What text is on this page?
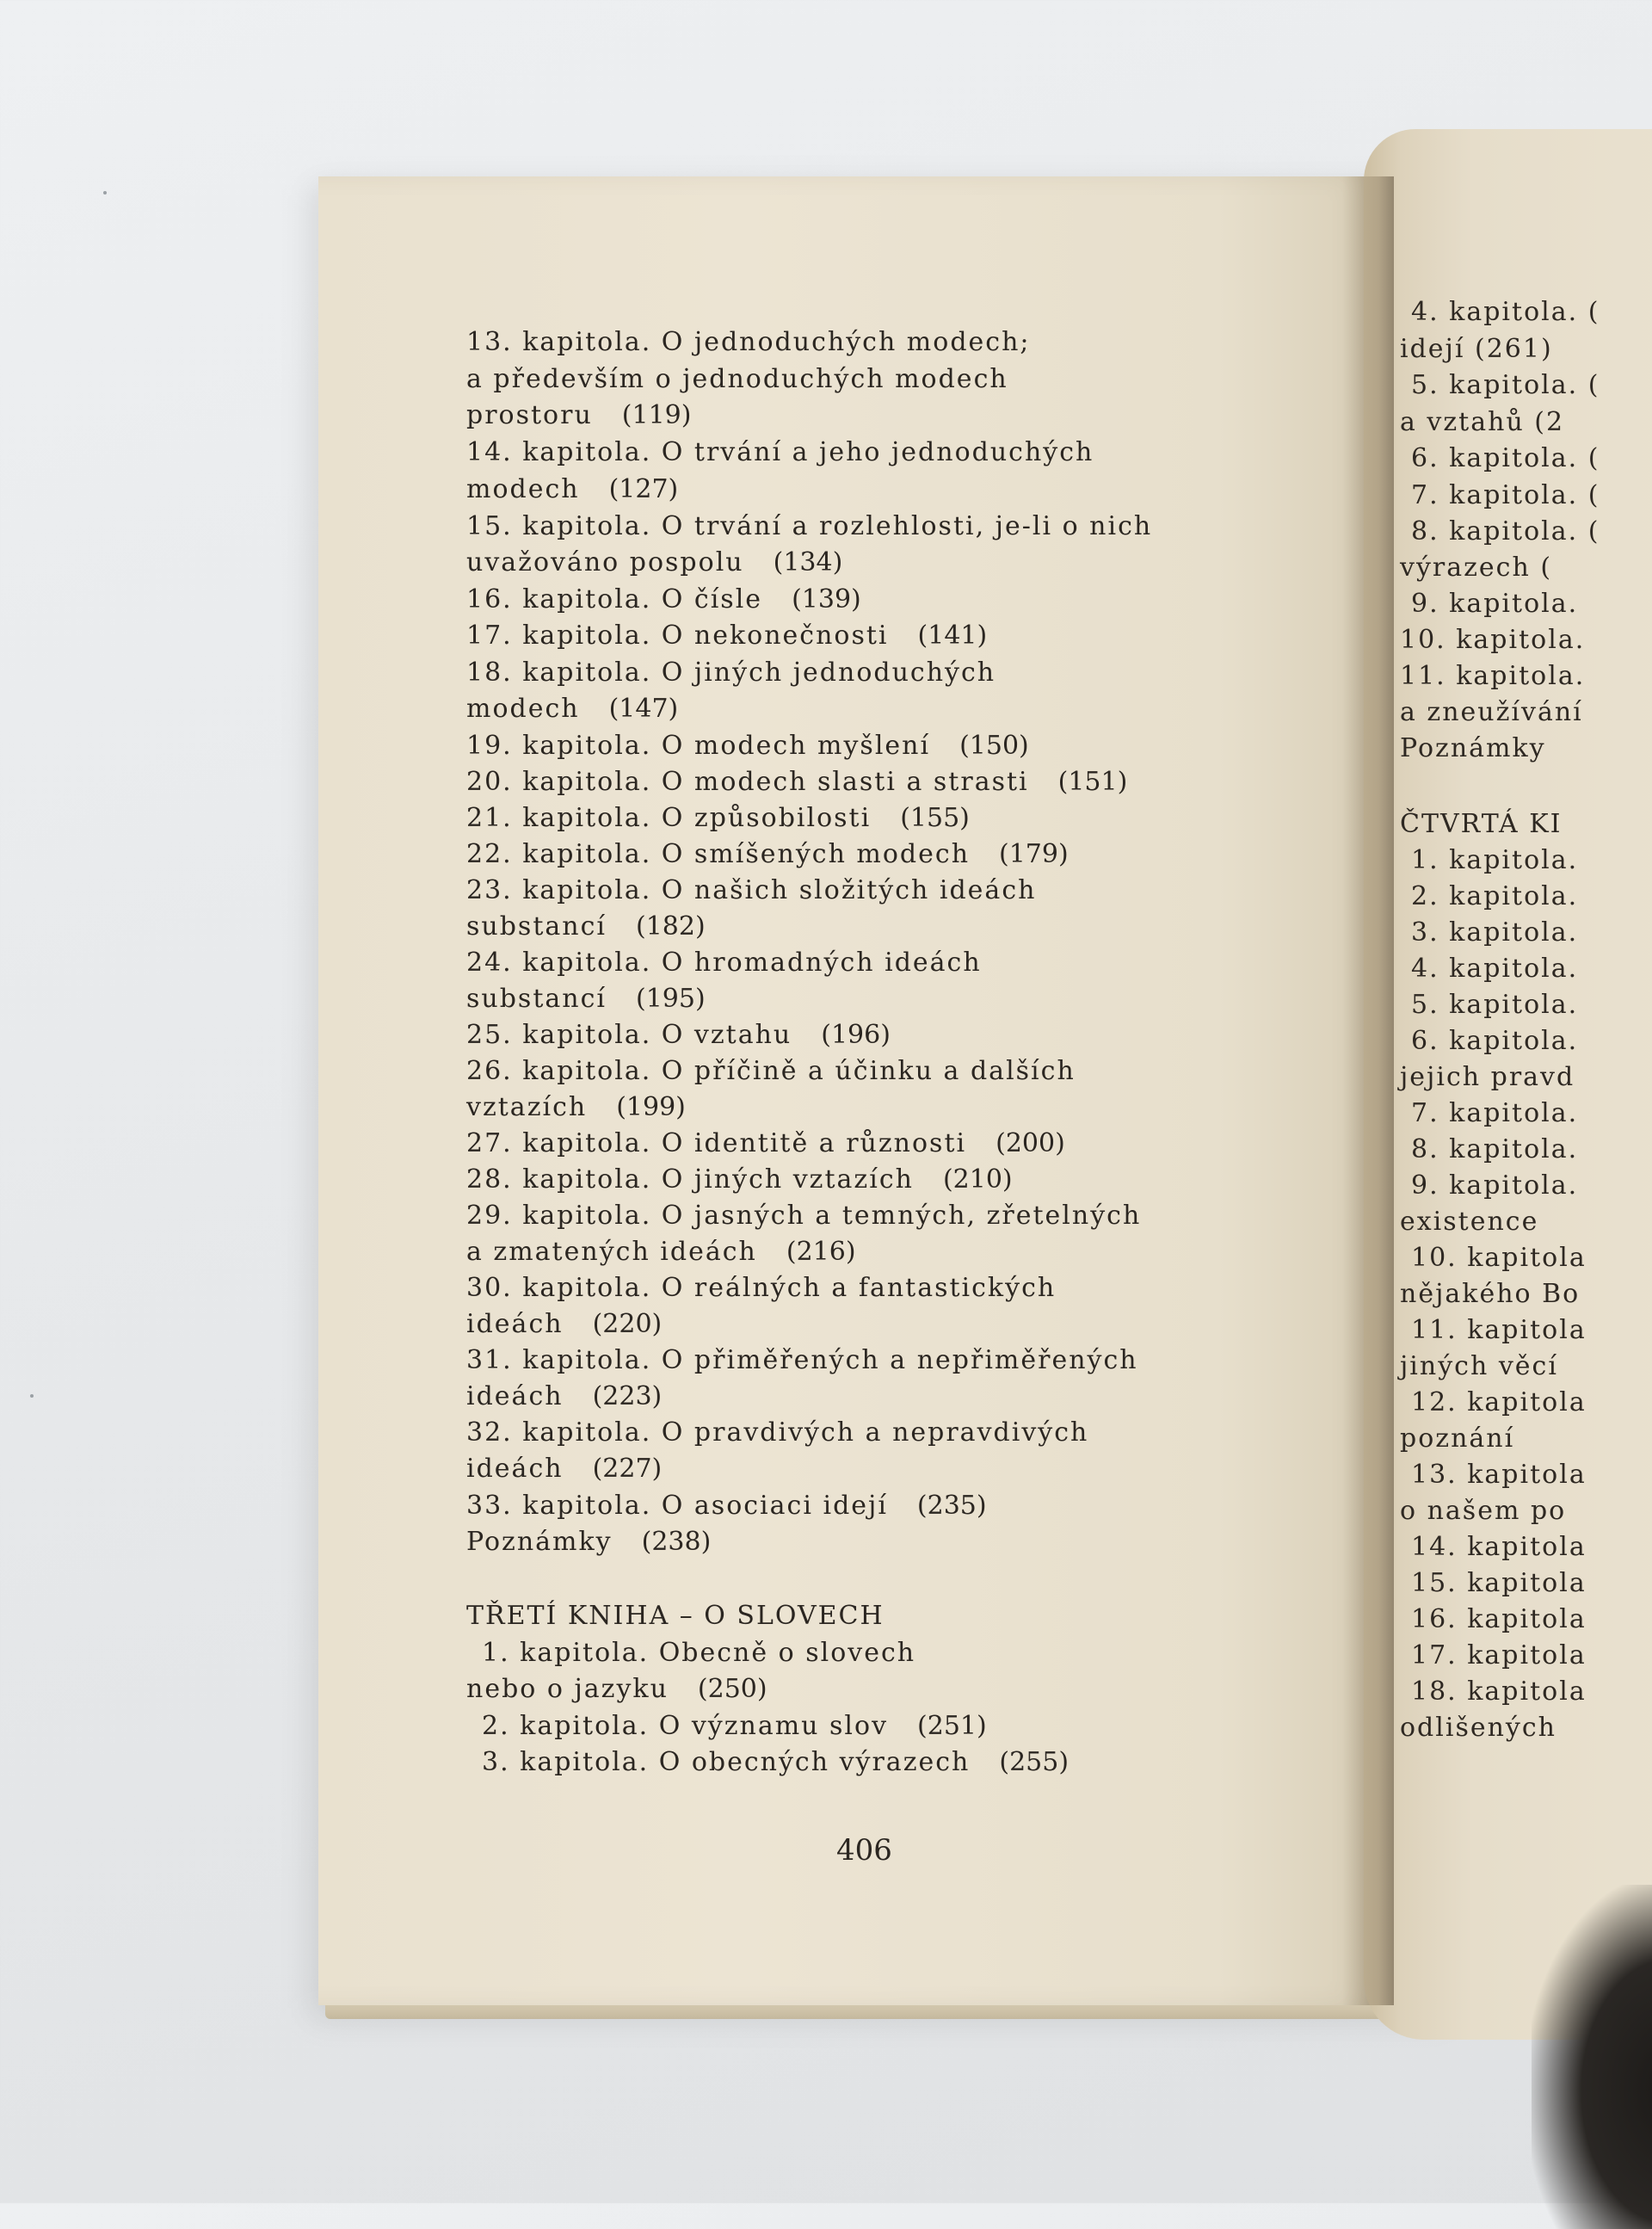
13. kapitola. O jednoduchých modech;
a především o jednoduchých modech
prostoru (119)
14. kapitola. O trvání a jeho jednoduchých
modech (127)
15. kapitola. O trvání a rozlehlosti, je-li o nich
uvažováno pospolu (134)
16. kapitola. O čísle (139)
17. kapitola. O nekonečnosti (141)
18. kapitola. O jiných jednoduchých
modech (147)
19. kapitola. O modech myšlení (150)
20. kapitola. O modech slasti a strasti (151)
21. kapitola. O způsobilosti (155)
22. kapitola. O smíšených modech (179)
23. kapitola. O našich složitých ideách
substancí (182)
24. kapitola. O hromadných ideách
substancí (195)
25. kapitola. O vztahu (196)
26. kapitola. O příčině a účinku a dalších
vztazích (199)
27. kapitola. O identitě a různosti (200)
28. kapitola. O jiných vztazích (210)
29. kapitola. O jasných a temných, zřetelných
a zmatených ideách (216)
30. kapitola. O reálných a fantastických
ideách (220)
31. kapitola. O přiměřených a nepřiměřených
ideách (223)
32. kapitola. O pravdivých a nepravdivých
ideách (227)
33. kapitola. O asociaci idejí (235)
Poznámky (238)
TŘETÍ KNIHA – O SLOVECH
1. kapitola. Obecně o slovech
nebo o jazyku (250)
2. kapitola. O významu slov (251)
3. kapitola. O obecných výrazech (255)
406
4. kapitola. (
idejí (261)
5. kapitola. (
a vztahů (2
6. kapitola. (
7. kapitola. (
8. kapitola. (
výrazech (
9. kapitola.
10. kapitola.
11. kapitola.
a zneužívání
Poznámky
ČTVRTÁ KI
1. kapitola.
2. kapitola.
3. kapitola.
4. kapitola.
5. kapitola.
6. kapitola.
jejich pravd
7. kapitola.
8. kapitola.
9. kapitola.
existence
10. kapitola
nějakého Bo
11. kapitola
jiných věcí
12. kapitola
poznání
13. kapitola
o našem po
14. kapitola
15. kapitola
16. kapitola
17. kapitola
18. kapitola
odlišených
